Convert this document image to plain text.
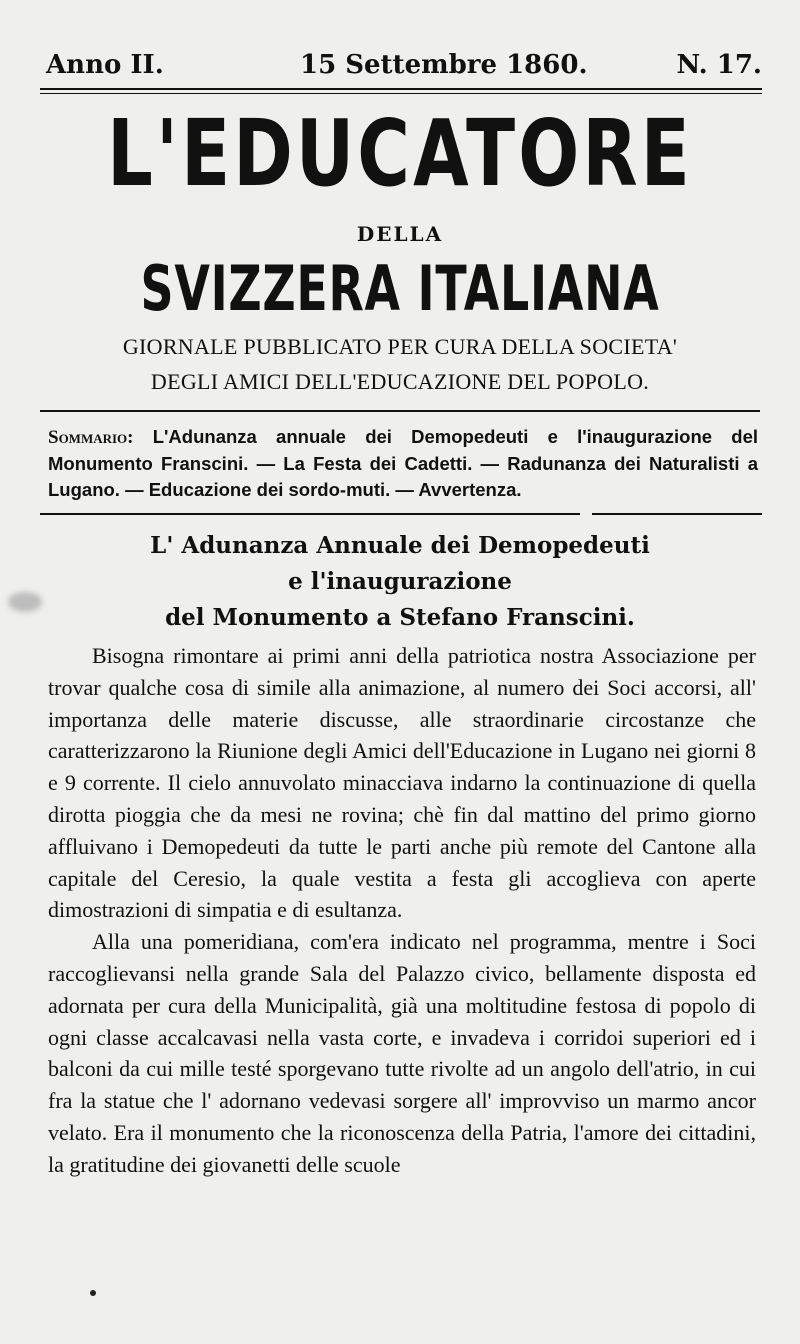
Anno II.	15 Settembre 1860.	N. 17.
L'EDUCATORE
DELLA
SVIZZERA ITALIANA
GIORNALE PUBBLICATO PER CURA DELLA SOCIETA'
DEGLI AMICI DELL'EDUCAZIONE DEL POPOLO.
Sommario: L'Adunanza annuale dei Demopedeuti e l'inaugurazione del Monumento Franscini. — La Festa dei Cadetti. — Radunanza dei Naturalisti a Lugano. — Educazione dei sordo-muti. — Avvertenza.
L' Adunanza Annuale dei Demopedeuti
e l'inaugurazione
del Monumento a Stefano Franscini.

Bisogna rimontare ai primi anni della patriotica nostra Associazione per trovar qualche cosa di simile alla animazione, al numero dei Soci accorsi, all' importanza delle materie discusse, alle straordinarie circostanze che caratterizzarono la Riunione degli Amici dell'Educazione in Lugano nei giorni 8 e 9 corrente. Il cielo annuvolato minacciava indarno la continuazione di quella dirotta pioggia che da mesi ne rovina; chè fin dal mattino del primo giorno affluivano i Demopedeuti da tutte le parti anche più remote del Cantone alla capitale del Ceresio, la quale vestita a festa gli accoglieva con aperte dimostrazioni di simpatia e di esultanza.

Alla una pomeridiana, com'era indicato nel programma, mentre i Soci raccoglievansi nella grande Sala del Palazzo civico, bellamente disposta ed adornata per cura della Municipalità, già una moltitudine festosa di popolo di ogni classe accalcavasi nella vasta corte, e invadeva i corridoi superiori ed i balconi da cui mille testé sporgevano tutte rivolte ad un angolo dell'atrio, in cui fra la statue che l' adornano vedevasi sorgere all' improvviso un marmo ancor velato. Era il monumento che la riconoscenza della Patria, l'amore dei cittadini, la gratitudine dei giovanetti delle scuole
